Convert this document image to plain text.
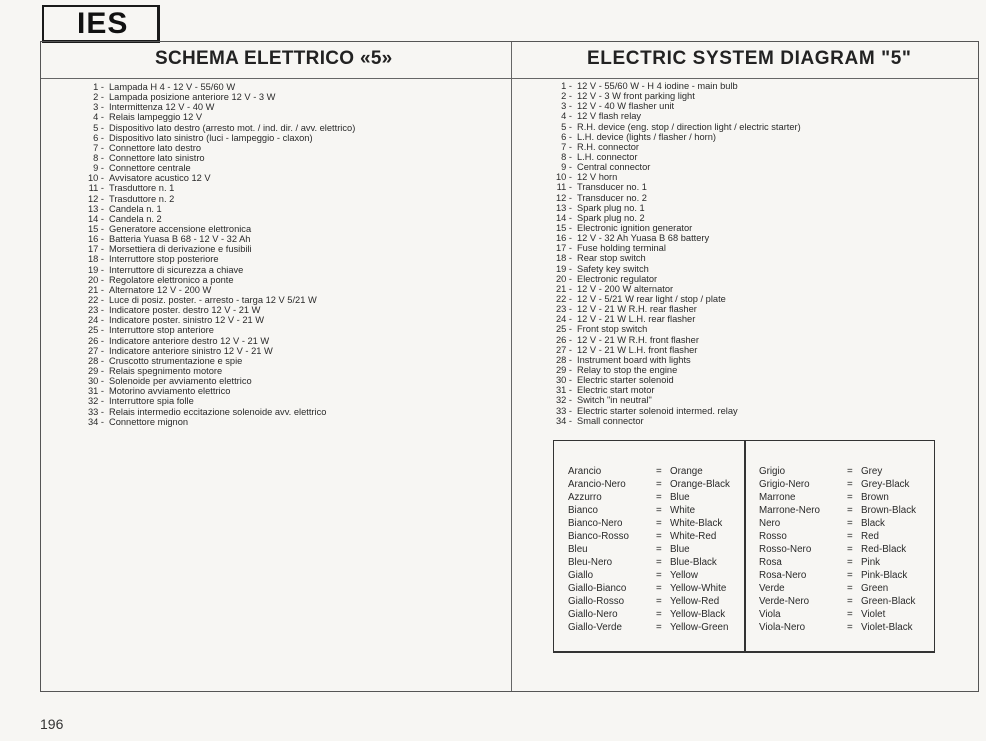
IES
SCHEMA ELETTRICO «5»	ELECTRIC SYSTEM DIAGRAM "5"
1 - Lampada H 4 - 12 V - 55/60 W
2 - Lampada posizione anteriore 12 V - 3 W
3 - Intermittenza 12 V - 40 W
4 - Relais lampeggio 12 V
5 - Dispositivo lato destro (arresto mot. / ind. dir. / avv. elettrico)
6 - Dispositivo lato sinistro (luci - lampeggio - claxon)
7 - Connettore lato destro
8 - Connettore lato sinistro
9 - Connettore centrale
10 - Avvisatore acustico 12 V
11 - Trasduttore n. 1
12 - Trasduttore n. 2
13 - Candela n. 1
14 - Candela n. 2
15 - Generatore accensione elettronica
16 - Batteria Yuasa B 68 - 12 V - 32 Ah
17 - Morsettiera di derivazione e fusibili
18 - Interruttore stop posteriore
19 - Interruttore di sicurezza a chiave
20 - Regolatore elettronico a ponte
21 - Alternatore 12 V - 200 W
22 - Luce di posiz. poster. - arresto - targa 12 V 5/21 W
23 - Indicatore poster. destro 12 V - 21 W
24 - Indicatore poster. sinistro 12 V - 21 W
25 - Interruttore stop anteriore
26 - Indicatore anteriore destro 12 V - 21 W
27 - Indicatore anteriore sinistro 12 V - 21 W
28 - Cruscotto strumentazione e spie
29 - Relais spegnimento motore
30 - Solenoide per avviamento elettrico
31 - Motorino avviamento elettrico
32 - Interruttore spia folle
33 - Relais intermedio eccitazione solenoide avv. elettrico
34 - Connettore mignon
1 - 12 V - 55/60 W - H 4 iodine - main bulb
2 - 12 V - 3 W front parking light
3 - 12 V - 40 W flasher unit
4 - 12 V flash relay
5 - R.H. device (eng. stop / direction light / electric starter)
6 - L.H. device (lights / flasher / horn)
7 - R.H. connector
8 - L.H. connector
9 - Central connector
10 - 12 V horn
11 - Transducer no. 1
12 - Transducer no. 2
13 - Spark plug no. 1
14 - Spark plug no. 2
15 - Electronic ignition generator
16 - 12 V - 32 Ah Yuasa B 68 battery
17 - Fuse holding terminal
18 - Rear stop switch
19 - Safety key switch
20 - Electronic regulator
21 - 12 V - 200 W alternator
22 - 12 V - 5/21 W rear light / stop / plate
23 - 12 V - 21 W R.H. rear flasher
24 - 12 V - 21 W L.H. rear flasher
25 - Front stop switch
26 - 12 V - 21 W R.H. front flasher
27 - 12 V - 21 W L.H. front flasher
28 - Instrument board with lights
29 - Relay to stop the engine
30 - Electric starter solenoid
31 - Electric start motor
32 - Switch "in neutral"
33 - Electric starter solenoid intermed. relay
34 - Small connector
Arancio	= Orange
Arancio-Nero	= Orange-Black
Azzurro	= Blue
Bianco	= White
Bianco-Nero	= White-Black
Bianco-Rosso	= White-Red
Bleu	= Blue
Bleu-Nero	= Blue-Black
Giallo	= Yellow
Giallo-Bianco	= Yellow-White
Giallo-Rosso	= Yellow-Red
Giallo-Nero	= Yellow-Black
Giallo-Verde	= Yellow-Green
Grigio	= Grey
Grigio-Nero	= Grey-Black
Marrone	= Brown
Marrone-Nero	= Brown-Black
Nero	= Black
Rosso	= Red
Rosso-Nero	= Red-Black
Rosa	= Pink
Rosa-Nero	= Pink-Black
Verde	= Green
Verde-Nero	= Green-Black
Viola	= Violet
Viola-Nero	= Violet-Black
196
